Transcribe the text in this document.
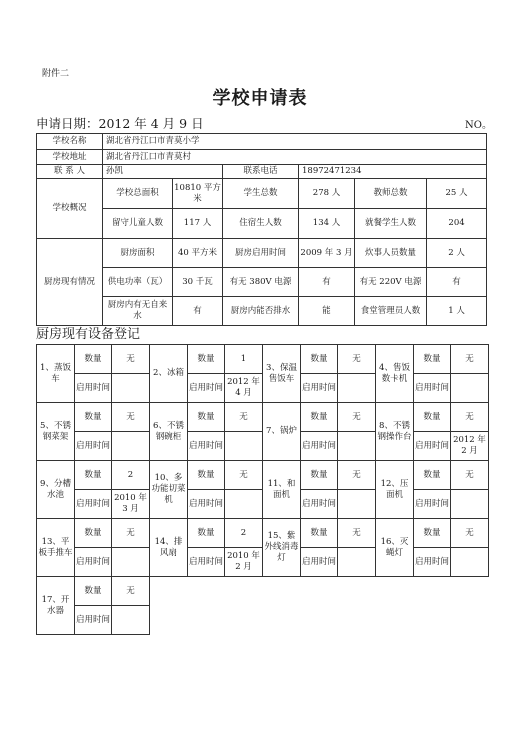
附件二
学校申请表
申请日期：2012 年 4 月 9 日	NO。
学校名称	湖北省丹江口市青莫小学					
学校地址	湖北省丹江口市青莫村					
联 系 人	孙凯		联系电话	18972471234		
学校概况	学校总面积	10810 平方米	学生总数	278 人	教师总数	25 人
	留守儿童人数	117 人	住宿生人数	134 人	就餐学生人数	204
厨房现有情况	厨房面积	40 平方米	厨房启用时间	2009 年 3 月	炊事人员数量	2 人
	供电功率（瓦）	30 千瓦	有无 380V 电源	有	有无 220V 电源	有
	厨房内有无自来水	有	厨房内能否排水	能	食堂管理员人数	1 人
厨房现有设备登记
1、蒸饭车	数量	无	2、冰箱	数量	1	3、保温售饭车	数量	无	4、售饭数卡机	数量	无
	启用时间			启用时间	2012 年 4 月		启用时间			启用时间	
5、不锈钢菜架	数量	无	6、不锈钢碗柜	数量	无	7、锅炉	数量	无	8、不锈钢操作台	数量	无
	启用时间			启用时间			启用时间			启用时间	2012 年 2 月
9、分槽水池	数量	2	10、多功能切菜机	数量	无	11、和面机	数量	无	12、压面机	数量	无
	启用时间	2010 年 3 月		启用时间			启用时间			启用时间	
13、平板手推车	数量	无	14、排风扇	数量	2	15、紫外线消毒灯	数量	无	16、灭蝇灯	数量	无
	启用时间			启用时间	2010 年 2 月		启用时间			启用时间	
17、开水器	数量	无									
	启用时间										
